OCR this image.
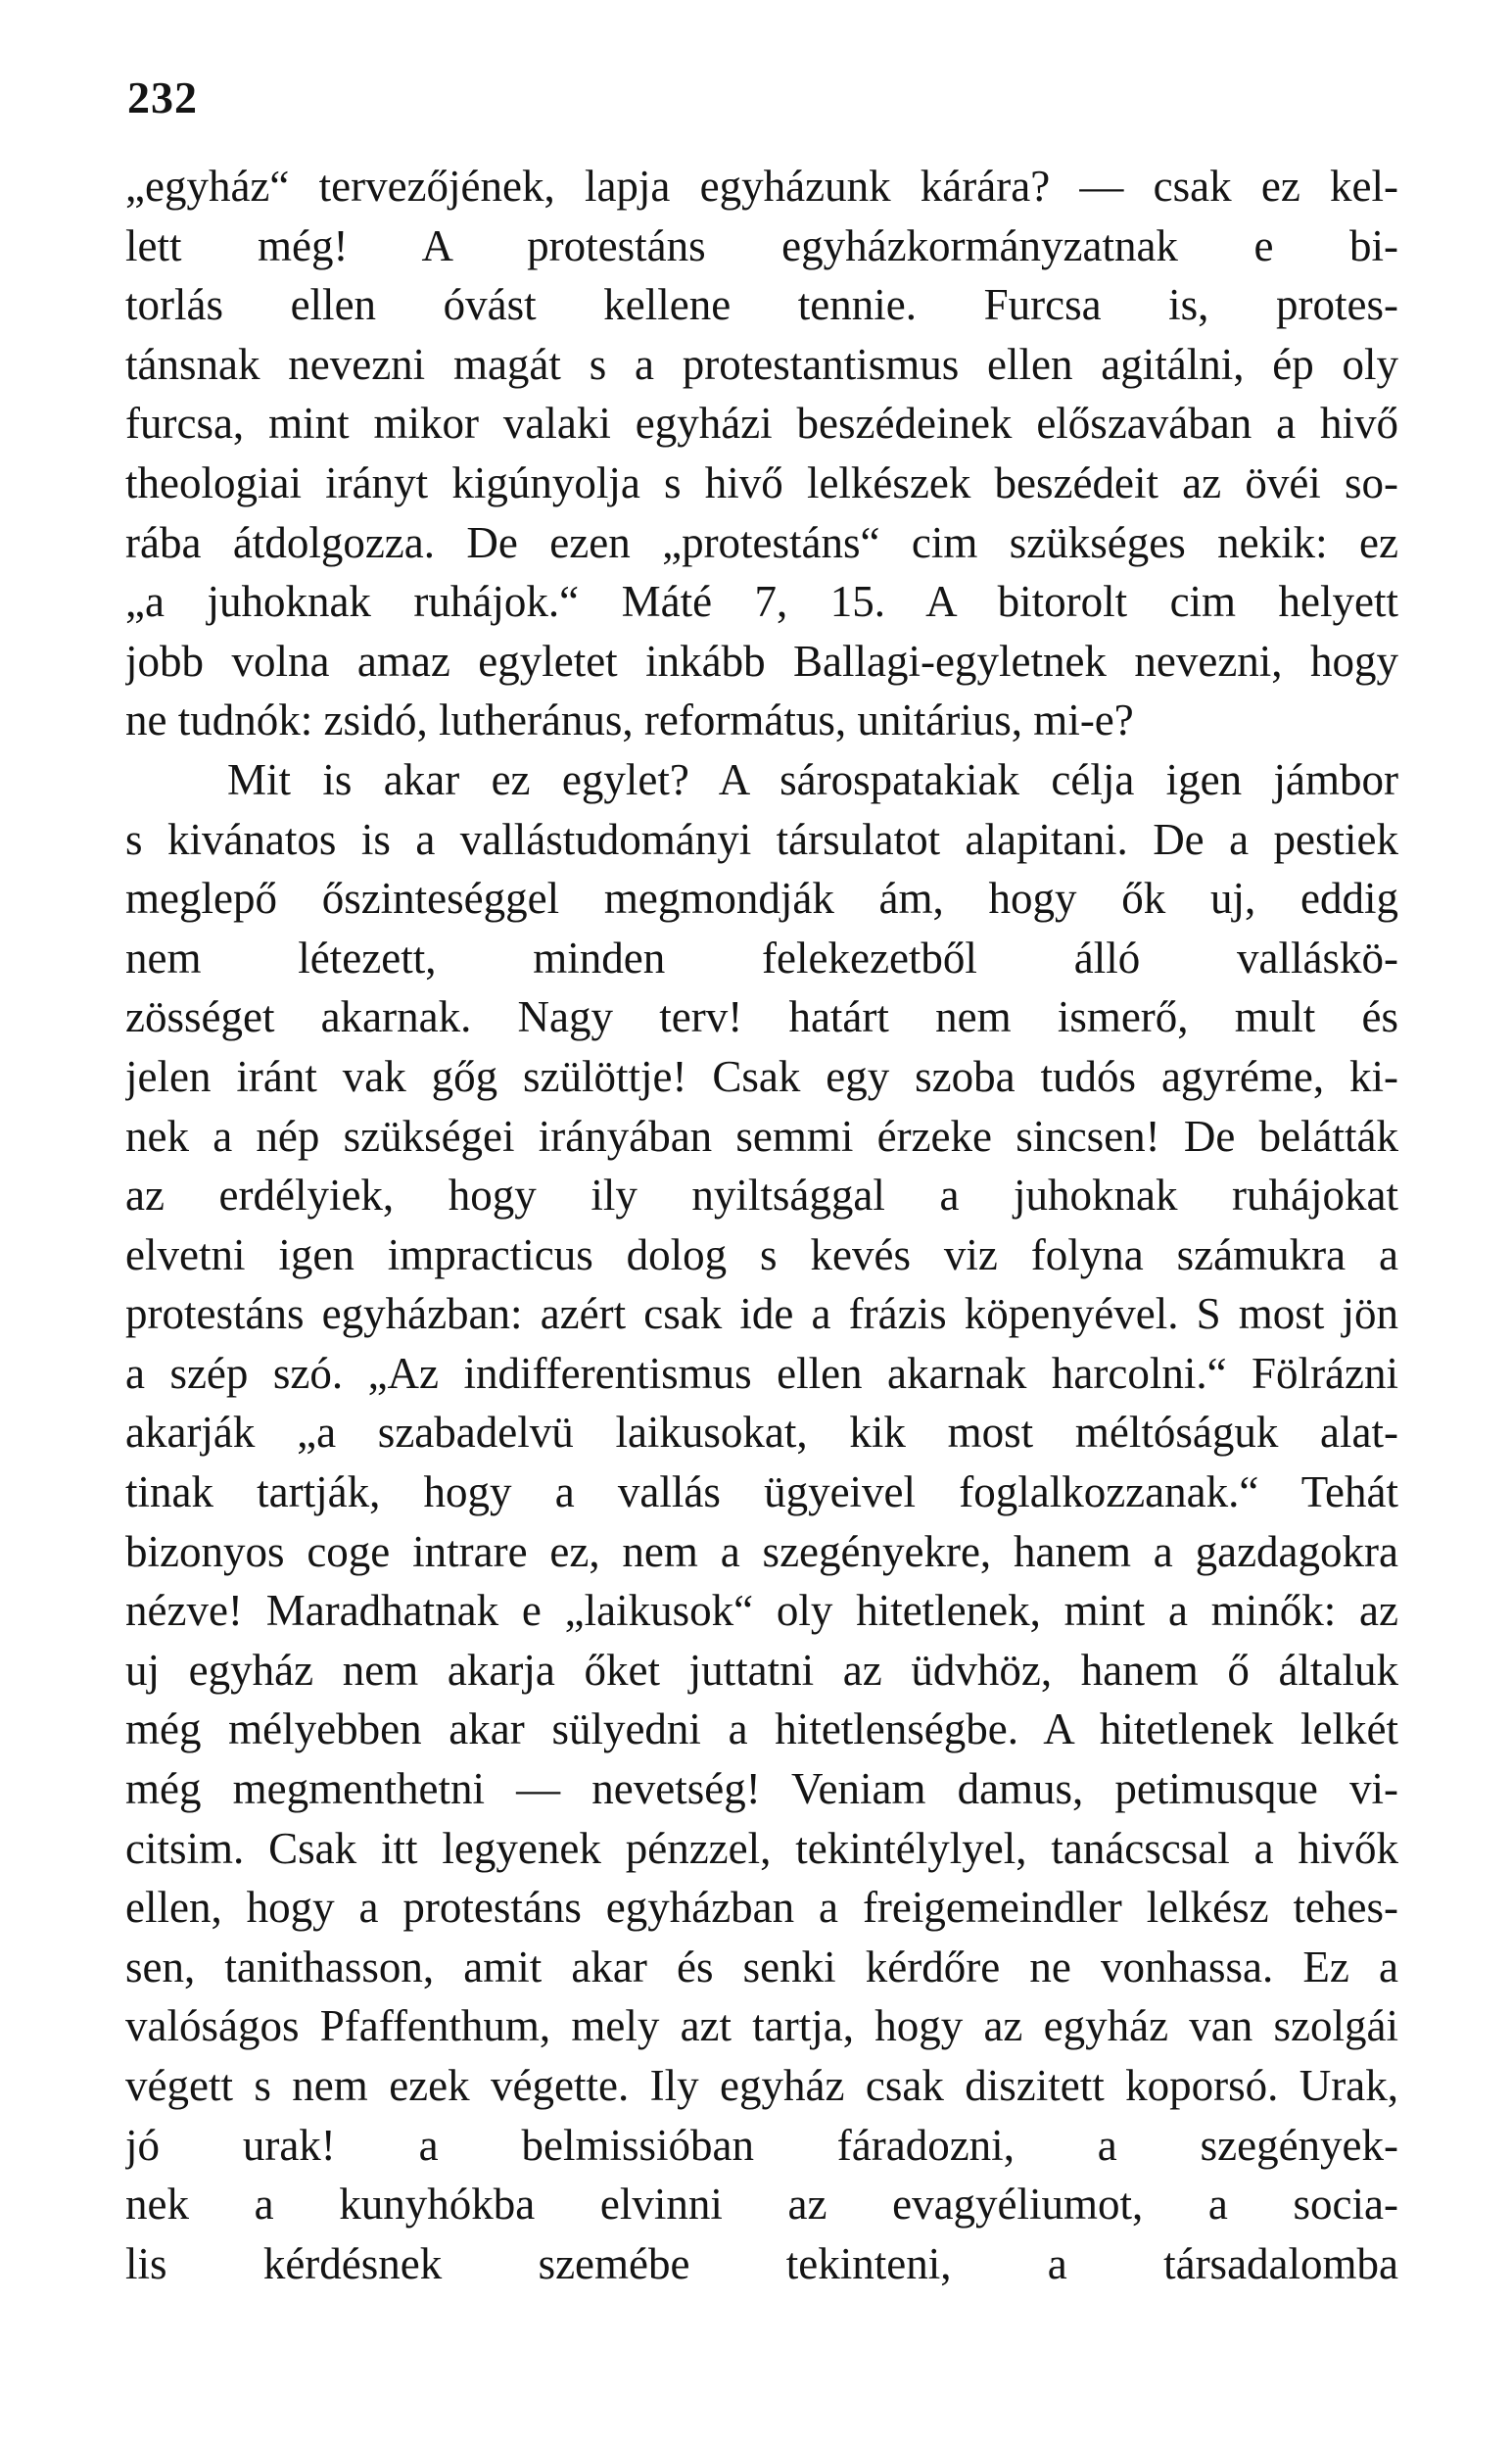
232
„egyház“ tervezőjének, lapja egyházunk kárára? — csak ez kel-
lett még! A protestáns egyházkormányzatnak e bi-
torlás ellen óvást kellene tennie. Furcsa is, protes-
tánsnak nevezni magát s a protestantismus ellen agitálni, ép oly
furcsa, mint mikor valaki egyházi beszédeinek előszavában a hivő
theologiai irányt kigúnyolja s hivő lelkészek beszédeit az övéi so-
rába átdolgozza. De ezen „protestáns“ cim szükséges nekik: ez
„a juhoknak ruhájok.“ Máté 7, 15. A bitorolt cim helyett
jobb volna amaz egyletet inkább Ballagi-egyletnek nevezni, hogy
ne tudnók: zsidó, lutheránus, református, unitárius, mi-e?
Mit is akar ez egylet? A sárospatakiak célja igen jámbor
s kivánatos is a vallástudományi társulatot alapitani. De a pestiek
meglepő őszinteséggel megmondják ám, hogy ők uj, eddig
nem létezett, minden felekezetből álló valláskö-
zösséget akarnak. Nagy terv! határt nem ismerő, mult és
jelen iránt vak gőg szülöttje! Csak egy szoba tudós agyréme, ki-
nek a nép szükségei irányában semmi érzeke sincsen! De belátták
az erdélyiek, hogy ily nyiltsággal a juhoknak ruhájokat
elvetni igen impracticus dolog s kevés viz folyna számukra a
protestáns egyházban: azért csak ide a frázis köpenyével. S most jön
a szép szó. „Az indifferentismus ellen akarnak harcolni.“ Fölrázni
akarják „a szabadelvü laikusokat, kik most méltóságuk alat-
tinak tartják, hogy a vallás ügyeivel foglalkozzanak.“ Tehát
bizonyos coge intrare ez, nem a szegényekre, hanem a gazdagokra
nézve! Maradhatnak e „laikusok“ oly hitetlenek, mint a minők: az
uj egyház nem akarja őket juttatni az üdvhöz, hanem ő általuk
még mélyebben akar sülyedni a hitetlenségbe. A hitetlenek lelkét
még megmenthetni — nevetség! Veniam damus, petimusque vi-
citsim. Csak itt legyenek pénzzel, tekintélylyel, tanácscsal a hivők
ellen, hogy a protestáns egyházban a freigemeindler lelkész tehes-
sen, tanithasson, amit akar és senki kérdőre ne vonhassa. Ez a
valóságos Pfaffenthum, mely azt tartja, hogy az egyház van szolgái
végett s nem ezek végette. Ily egyház csak diszitett koporsó. Urak,
jó urak! a belmissióban fáradozni, a szegények-
nek a kunyhókba elvinni az evagyéliumot, a socia-
lis kérdésnek szemébe tekinteni, a társadalomba
